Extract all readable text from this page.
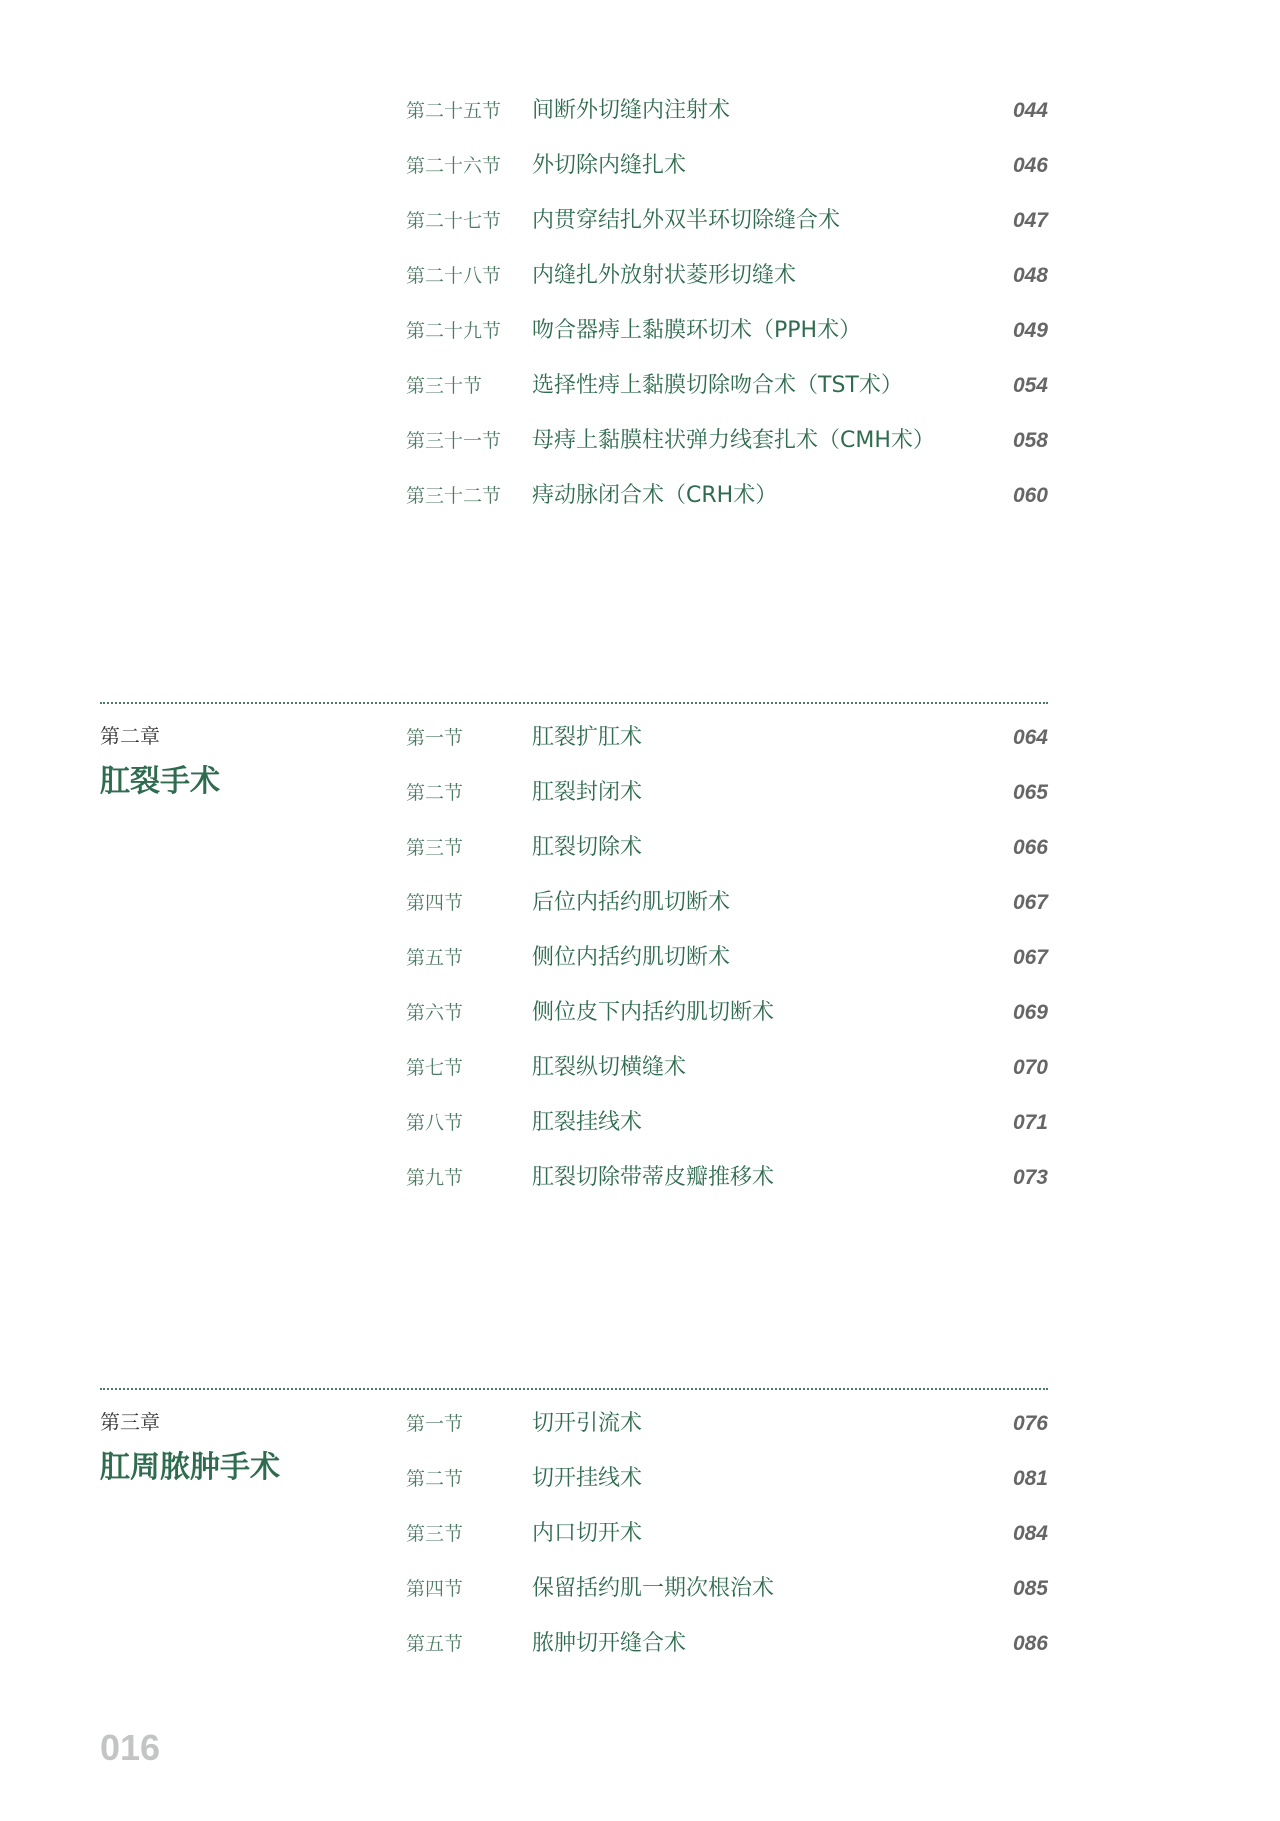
第二十五节 间断外切缝内注射术	044
第二十六节 外切除内缝扎术	046
第二十七节 内贯穿结扎外双半环切除缝合术	047
第二十八节 内缝扎外放射状菱形切缝术	048
第二十九节 吻合器痔上黏膜环切术（PPH术）	049
第三十节 选择性痔上黏膜切除吻合术（TST术）	054
第三十一节 母痔上黏膜柱状弹力线套扎术（CMH术）	058
第三十二节 痔动脉闭合术（CRH术）	060
第二章
肛裂手术
第一节	肛裂扩肛术	064
第二节	肛裂封闭术	065
第三节	肛裂切除术	066
第四节	后位内括约肌切断术	067
第五节	侧位内括约肌切断术	067
第六节	侧位皮下内括约肌切断术	069
第七节	肛裂纵切横缝术	070
第八节	肛裂挂线术	071
第九节	肛裂切除带蒂皮瓣推移术	073
第三章
肛周脓肿手术
第一节	切开引流术	076
第二节	切开挂线术	081
第三节	内口切开术	084
第四节	保留括约肌一期次根治术	085
第五节	脓肿切开缝合术	086
016
